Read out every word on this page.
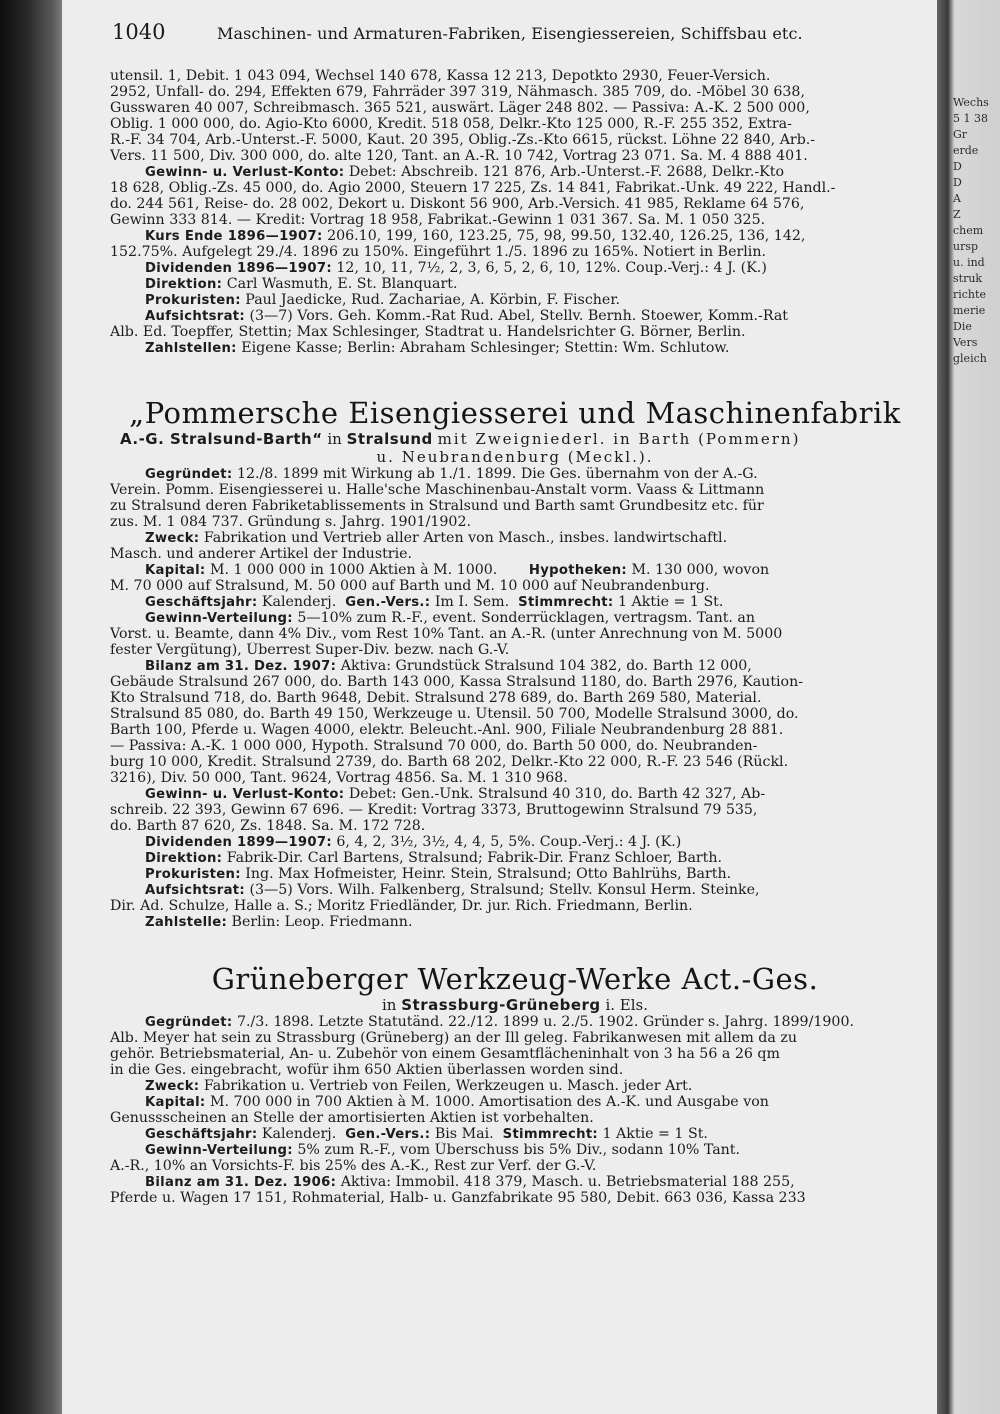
Wechs
5 1 38
Gr
erde
D
D
A
Z
chem
ursp
u. ind
struk
richte
merie
Die
Vers
gleich
1040	Maschinen- und Armaturen-Fabriken, Eisengiessereien, Schiffsbau etc.
utensil. 1, Debit. 1 043 094, Wechsel 140 678, Kassa 12 213, Depotkto 2930, Feuer-Versich.
2952, Unfall- do. 294, Effekten 679, Fahrräder 397 319, Nähmasch. 385 709, do. -Möbel 30 638,
Gusswaren 40 007, Schreibmasch. 365 521, auswärt. Läger 248 802. — Passiva: A.-K. 2 500 000,
Oblig. 1 000 000, do. Agio-Kto 6000, Kredit. 518 058, Delkr.-Kto 125 000, R.-F. 255 352, Extra-
R.-F. 34 704, Arb.-Unterst.-F. 5000, Kaut. 20 395, Oblig.-Zs.-Kto 6615, rückst. Löhne 22 840, Arb.-
Vers. 11 500, Div. 300 000, do. alte 120, Tant. an A.-R. 10 742, Vortrag 23 071. Sa. M. 4 888 401.
Gewinn- u. Verlust-Konto: Debet: Abschreib. 121 876, Arb.-Unterst.-F. 2688, Delkr.-Kto
18 628, Oblig.-Zs. 45 000, do. Agio 2000, Steuern 17 225, Zs. 14 841, Fabrikat.-Unk. 49 222, Handl.-
do. 244 561, Reise- do. 28 002, Dekort u. Diskont 56 900, Arb.-Versich. 41 985, Reklame 64 576,
Gewinn 333 814. — Kredit: Vortrag 18 958, Fabrikat.-Gewinn 1 031 367. Sa. M. 1 050 325.
Kurs Ende 1896—1907: 206.10, 199, 160, 123.25, 75, 98, 99.50, 132.40, 126.25, 136, 142,
152.75%. Aufgelegt 29./4. 1896 zu 150%. Eingeführt 1./5. 1896 zu 165%. Notiert in Berlin.
Dividenden 1896—1907: 12, 10, 11, 7½, 2, 3, 6, 5, 2, 6, 10, 12%. Coup.-Verj.: 4 J. (K.)
Direktion: Carl Wasmuth, E. St. Blanquart.
Prokuristen: Paul Jaedicke, Rud. Zachariae, A. Körbin, F. Fischer.
Aufsichtsrat: (3—7) Vors. Geh. Komm.-Rat Rud. Abel, Stellv. Bernh. Stoewer, Komm.-Rat
Alb. Ed. Toepffer, Stettin; Max Schlesinger, Stadtrat u. Handelsrichter G. Börner, Berlin.
Zahlstellen: Eigene Kasse; Berlin: Abraham Schlesinger; Stettin: Wm. Schlutow.
„Pommersche Eisengiesserei und Maschinenfabrik
A.-G. Stralsund-Barth“ in Stralsund mit Zweigniederl. in Barth (Pommern)
u. Neubrandenburg (Meckl.).
Gegründet: 12./8. 1899 mit Wirkung ab 1./1. 1899. Die Ges. übernahm von der A.-G.
Verein. Pomm. Eisengiesserei u. Halle'sche Maschinenbau-Anstalt vorm. Vaass & Littmann
zu Stralsund deren Fabriketablissements in Stralsund und Barth samt Grundbesitz etc. für
zus. M. 1 084 737. Gründung s. Jahrg. 1901/1902.
Zweck: Fabrikation und Vertrieb aller Arten von Masch., insbes. landwirtschaftl.
Masch. und anderer Artikel der Industrie.
Kapital: M. 1 000 000 in 1000 Aktien à M. 1000. Hypotheken: M. 130 000, wovon
M. 70 000 auf Stralsund, M. 50 000 auf Barth und M. 10 000 auf Neubrandenburg.
Geschäftsjahr: Kalenderj. Gen.-Vers.: Im I. Sem. Stimmrecht: 1 Aktie = 1 St.
Gewinn-Verteilung: 5—10% zum R.-F., event. Sonderrücklagen, vertragsm. Tant. an
Vorst. u. Beamte, dann 4% Div., vom Rest 10% Tant. an A.-R. (unter Anrechnung von M. 5000
fester Vergütung), Überrest Super-Div. bezw. nach G.-V.
Bilanz am 31. Dez. 1907: Aktiva: Grundstück Stralsund 104 382, do. Barth 12 000,
Gebäude Stralsund 267 000, do. Barth 143 000, Kassa Stralsund 1180, do. Barth 2976, Kaution-
Kto Stralsund 718, do. Barth 9648, Debit. Stralsund 278 689, do. Barth 269 580, Material.
Stralsund 85 080, do. Barth 49 150, Werkzeuge u. Utensil. 50 700, Modelle Stralsund 3000, do.
Barth 100, Pferde u. Wagen 4000, elektr. Beleucht.-Anl. 900, Filiale Neubrandenburg 28 881.
— Passiva: A.-K. 1 000 000, Hypoth. Stralsund 70 000, do. Barth 50 000, do. Neubranden-
burg 10 000, Kredit. Stralsund 2739, do. Barth 68 202, Delkr.-Kto 22 000, R.-F. 23 546 (Rückl.
3216), Div. 50 000, Tant. 9624, Vortrag 4856. Sa. M. 1 310 968.
Gewinn- u. Verlust-Konto: Debet: Gen.-Unk. Stralsund 40 310, do. Barth 42 327, Ab-
schreib. 22 393, Gewinn 67 696. — Kredit: Vortrag 3373, Bruttogewinn Stralsund 79 535,
do. Barth 87 620, Zs. 1848. Sa. M. 172 728.
Dividenden 1899—1907: 6, 4, 2, 3½, 3½, 4, 4, 5, 5%. Coup.-Verj.: 4 J. (K.)
Direktion: Fabrik-Dir. Carl Bartens, Stralsund; Fabrik-Dir. Franz Schloer, Barth.
Prokuristen: Ing. Max Hofmeister, Heinr. Stein, Stralsund; Otto Bahlrühs, Barth.
Aufsichtsrat: (3—5) Vors. Wilh. Falkenberg, Stralsund; Stellv. Konsul Herm. Steinke,
Dir. Ad. Schulze, Halle a. S.; Moritz Friedländer, Dr. jur. Rich. Friedmann, Berlin.
Zahlstelle: Berlin: Leop. Friedmann.
Grüneberger Werkzeug-Werke Act.-Ges.
in Strassburg-Grüneberg i. Els.
Gegründet: 7./3. 1898. Letzte Statutänd. 22./12. 1899 u. 2./5. 1902. Gründer s. Jahrg. 1899/1900.
Alb. Meyer hat sein zu Strassburg (Grüneberg) an der Ill geleg. Fabrikanwesen mit allem da zu
gehör. Betriebsmaterial, An- u. Zubehör von einem Gesamtflächeninhalt von 3 ha 56 a 26 qm
in die Ges. eingebracht, wofür ihm 650 Aktien überlassen worden sind.
Zweck: Fabrikation u. Vertrieb von Feilen, Werkzeugen u. Masch. jeder Art.
Kapital: M. 700 000 in 700 Aktien à M. 1000. Amortisation des A.-K. und Ausgabe von
Genussscheinen an Stelle der amortisierten Aktien ist vorbehalten.
Geschäftsjahr: Kalenderj. Gen.-Vers.: Bis Mai. Stimmrecht: 1 Aktie = 1 St.
Gewinn-Verteilung: 5% zum R.-F., vom Überschuss bis 5% Div., sodann 10% Tant.
A.-R., 10% an Vorsichts-F. bis 25% des A.-K., Rest zur Verf. der G.-V.
Bilanz am 31. Dez. 1906: Aktiva: Immobil. 418 379, Masch. u. Betriebsmaterial 188 255,
Pferde u. Wagen 17 151, Rohmaterial, Halb- u. Ganzfabrikate 95 580, Debit. 663 036, Kassa 233
